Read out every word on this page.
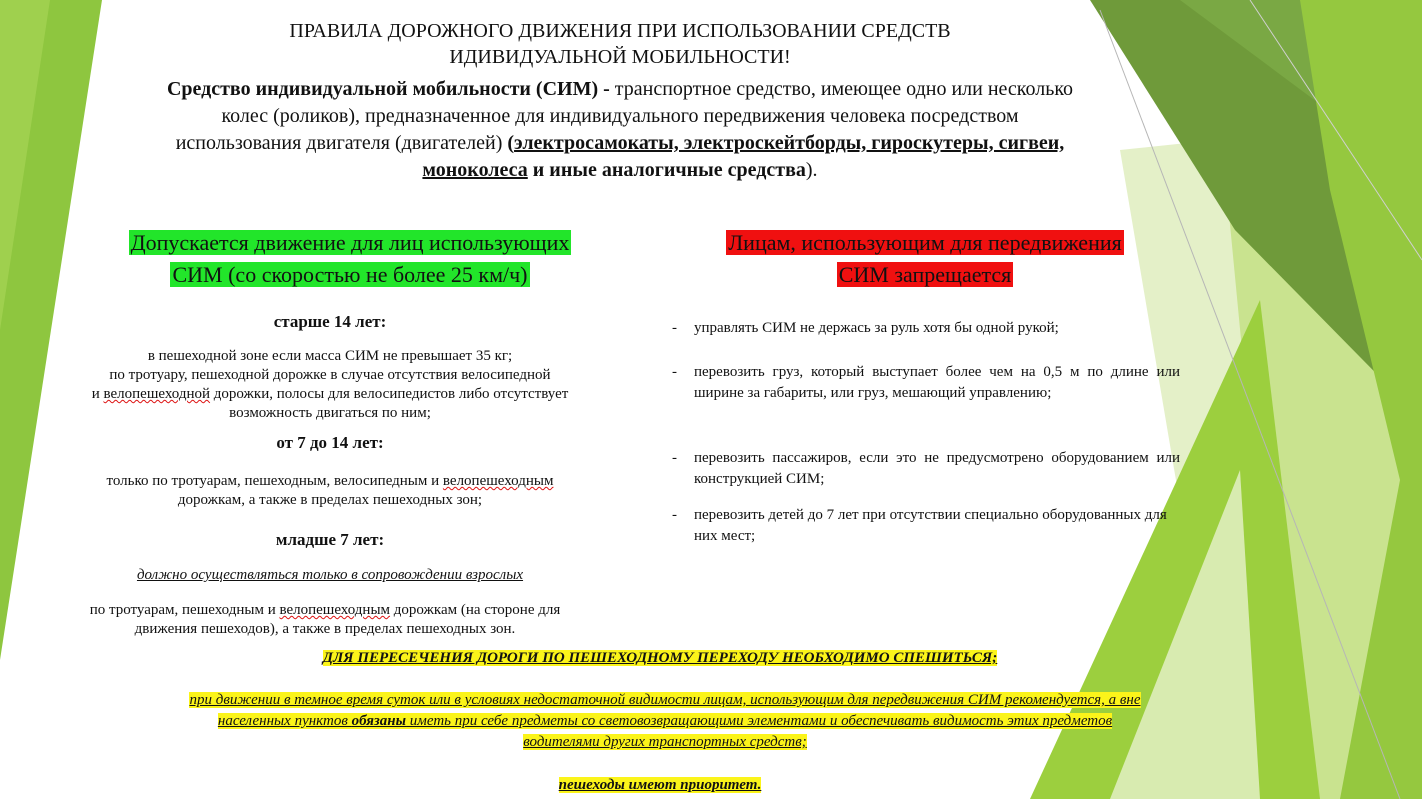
ПРАВИЛА ДОРОЖНОГО ДВИЖЕНИЯ ПРИ ИСПОЛЬЗОВАНИИ СРЕДСТВ
ИДИВИДУАЛЬНОЙ МОБИЛЬНОСТИ!
Средство индивидуальной мобильности (СИМ) - транспортное средство, имеющее одно или несколько колес (роликов), предназначенное для индивидуального передвижения человека посредством использования двигателя (двигателей) (электросамокаты, электроскейтборды, гироскутеры, сигвеи, моноколеса и иные аналогичные средства).
Допускается движение для лиц использующих
СИМ (со скоростью не более 25 км/ч)
Лицам, использующим для передвижения
СИМ запрещается
старше 14 лет:
в пешеходной зоне если масса СИМ не превышает 35 кг;
по тротуару, пешеходной дорожке в случае отсутствия велосипедной
и велопешеходной дорожки, полосы для велосипедистов либо отсутствует
возможность двигаться по ним;
от 7 до 14 лет:
только по тротуарам, пешеходным, велосипедным и велопешеходным
дорожкам, а также в пределах пешеходных зон;
младше 7 лет:
должно осуществляться только в сопровождении взрослых
по тротуарам, пешеходным и велопешеходным дорожкам (на стороне для
движения пешеходов), а также в пределах пешеходных зон.
-	управлять СИМ не держась за руль хотя бы одной рукой;
-	перевозить груз, который выступает более чем на 0,5 м по длине или ширине за габариты, или груз, мешающий управлению;
-	перевозить пассажиров, если это не предусмотрено оборудованием или конструкцией СИМ;
-	перевозить детей до 7 лет при отсутствии специально оборудованных для них мест;
ДЛЯ ПЕРЕСЕЧЕНИЯ ДОРОГИ ПО ПЕШЕХОДНОМУ ПЕРЕХОДУ НЕОБХОДИМО СПЕШИТЬСЯ;
при движении в темное время суток или в условиях недостаточной видимости лицам, использующим для передвижения СИМ рекомендуется, а вне
населенных пунктов обязаны иметь при себе предметы со световозвращающими элементами и обеспечивать видимость этих предметов
водителями других транспортных средств;
пешеходы имеют приоритет.
